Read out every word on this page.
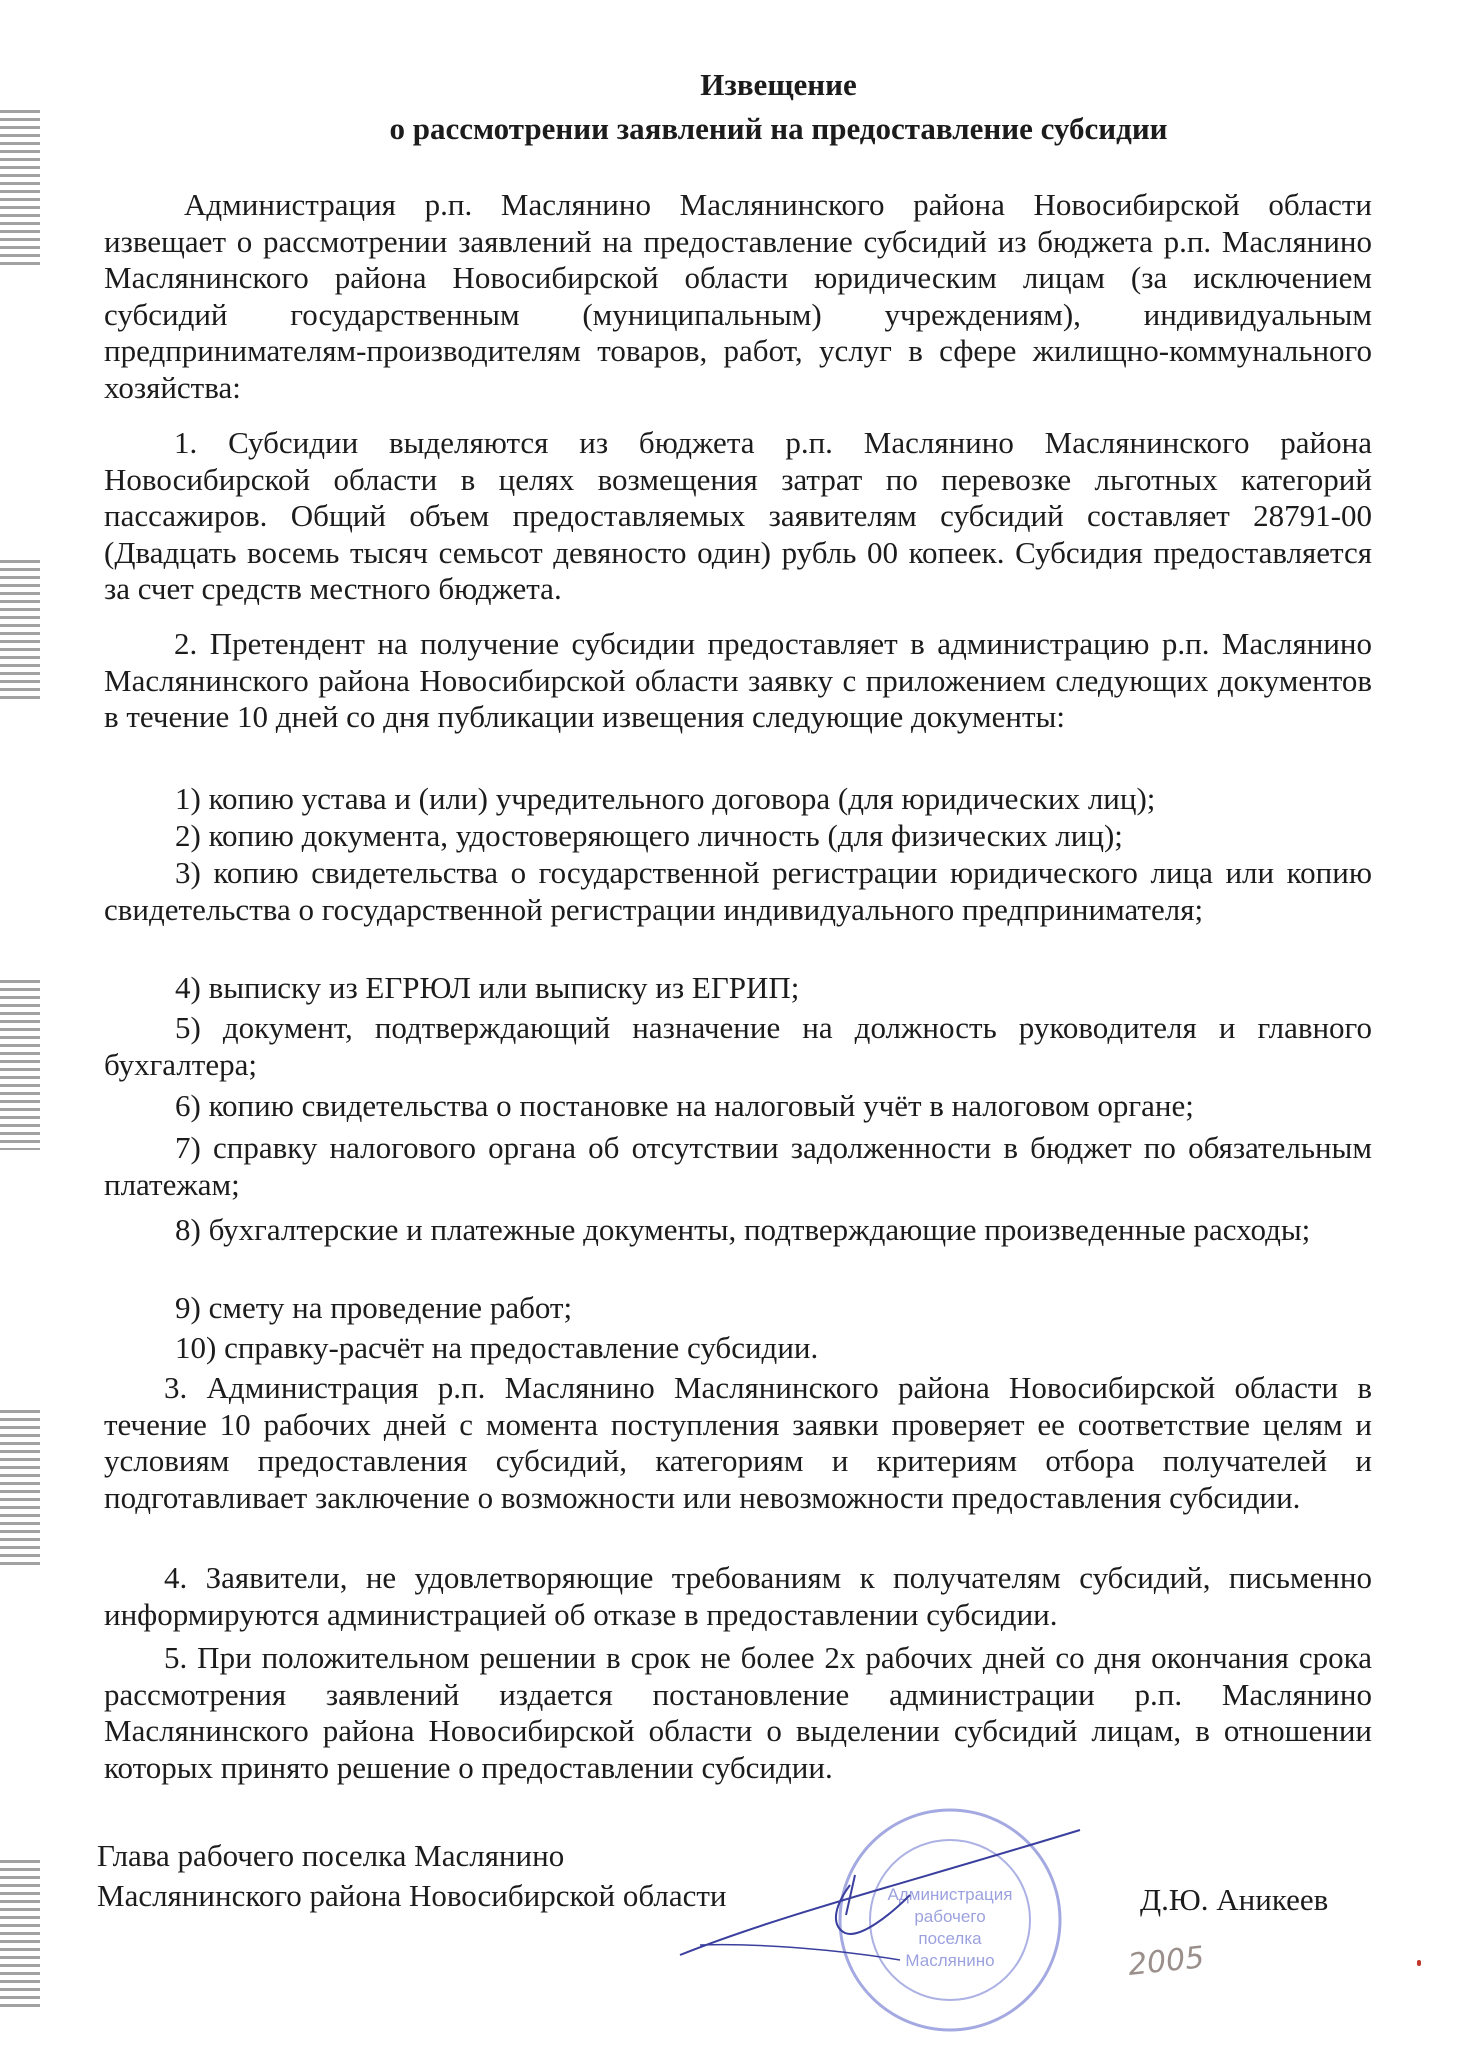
Извещение
о рассмотрении заявлений на предоставление субсидии
Администрация р.п. Маслянино Маслянинского района Новосибирской области извещает о рассмотрении заявлений на предоставление субсидий из бюджета р.п. Маслянино Маслянинского района Новосибирской области юридическим лицам (за исключением субсидий государственным (муниципальным) учреждениям), индивидуальным предпринимателям-производителям товаров, работ, услуг в сфере жилищно-коммунального хозяйства:
1. Субсидии выделяются из бюджета р.п. Маслянино Маслянинского района Новосибирской области в целях возмещения затрат по перевозке льготных категорий пассажиров. Общий объем предоставляемых заявителям субсидий составляет 28791-00 (Двадцать восемь тысяч семьсот девяносто один) рубль 00 копеек. Субсидия предоставляется за счет средств местного бюджета.
2. Претендент на получение субсидии предоставляет в администрацию р.п. Маслянино Маслянинского района Новосибирской области заявку с приложением следующих документов в течение 10 дней со дня публикации извещения следующие документы:
1) копию устава и (или) учредительного договора (для юридических лиц);
2) копию документа, удостоверяющего личность (для физических лиц);
3) копию свидетельства о государственной регистрации юридического лица или копию свидетельства о государственной регистрации индивидуального предпринимателя;
4) выписку из ЕГРЮЛ или выписку из ЕГРИП;
5) документ, подтверждающий назначение на должность руководителя и главного бухгалтера;
6) копию свидетельства о постановке на налоговый учёт в налоговом органе;
7) справку налогового органа об отсутствии задолженности в бюджет по обязательным платежам;
8) бухгалтерские и платежные документы, подтверждающие произведенные расходы;
9) смету на проведение работ;
10) справку-расчёт на предоставление субсидии.
3. Администрация р.п. Маслянино Маслянинского района Новосибирской области в течение 10 рабочих дней с момента поступления заявки проверяет ее соответствие целям и условиям предоставления субсидий, категориям и критериям отбора получателей и подготавливает заключение о возможности или невозможности предоставления субсидии.
4. Заявители, не удовлетворяющие требованиям к получателям субсидий, письменно информируются администрацией об отказе в предоставлении субсидии.
5. При положительном решении в срок не более 2х рабочих дней со дня окончания срока рассмотрения заявлений издается постановление администрации р.п. Маслянино Маслянинского района Новосибирской области о выделении субсидий лицам, в отношении которых принято решение о предоставлении субсидии.
Глава рабочего поселка Маслянино
Маслянинского района Новосибирской области	Д.Ю. Аникеев
Администрация
рабочего
поселка
Маслянино	2005
